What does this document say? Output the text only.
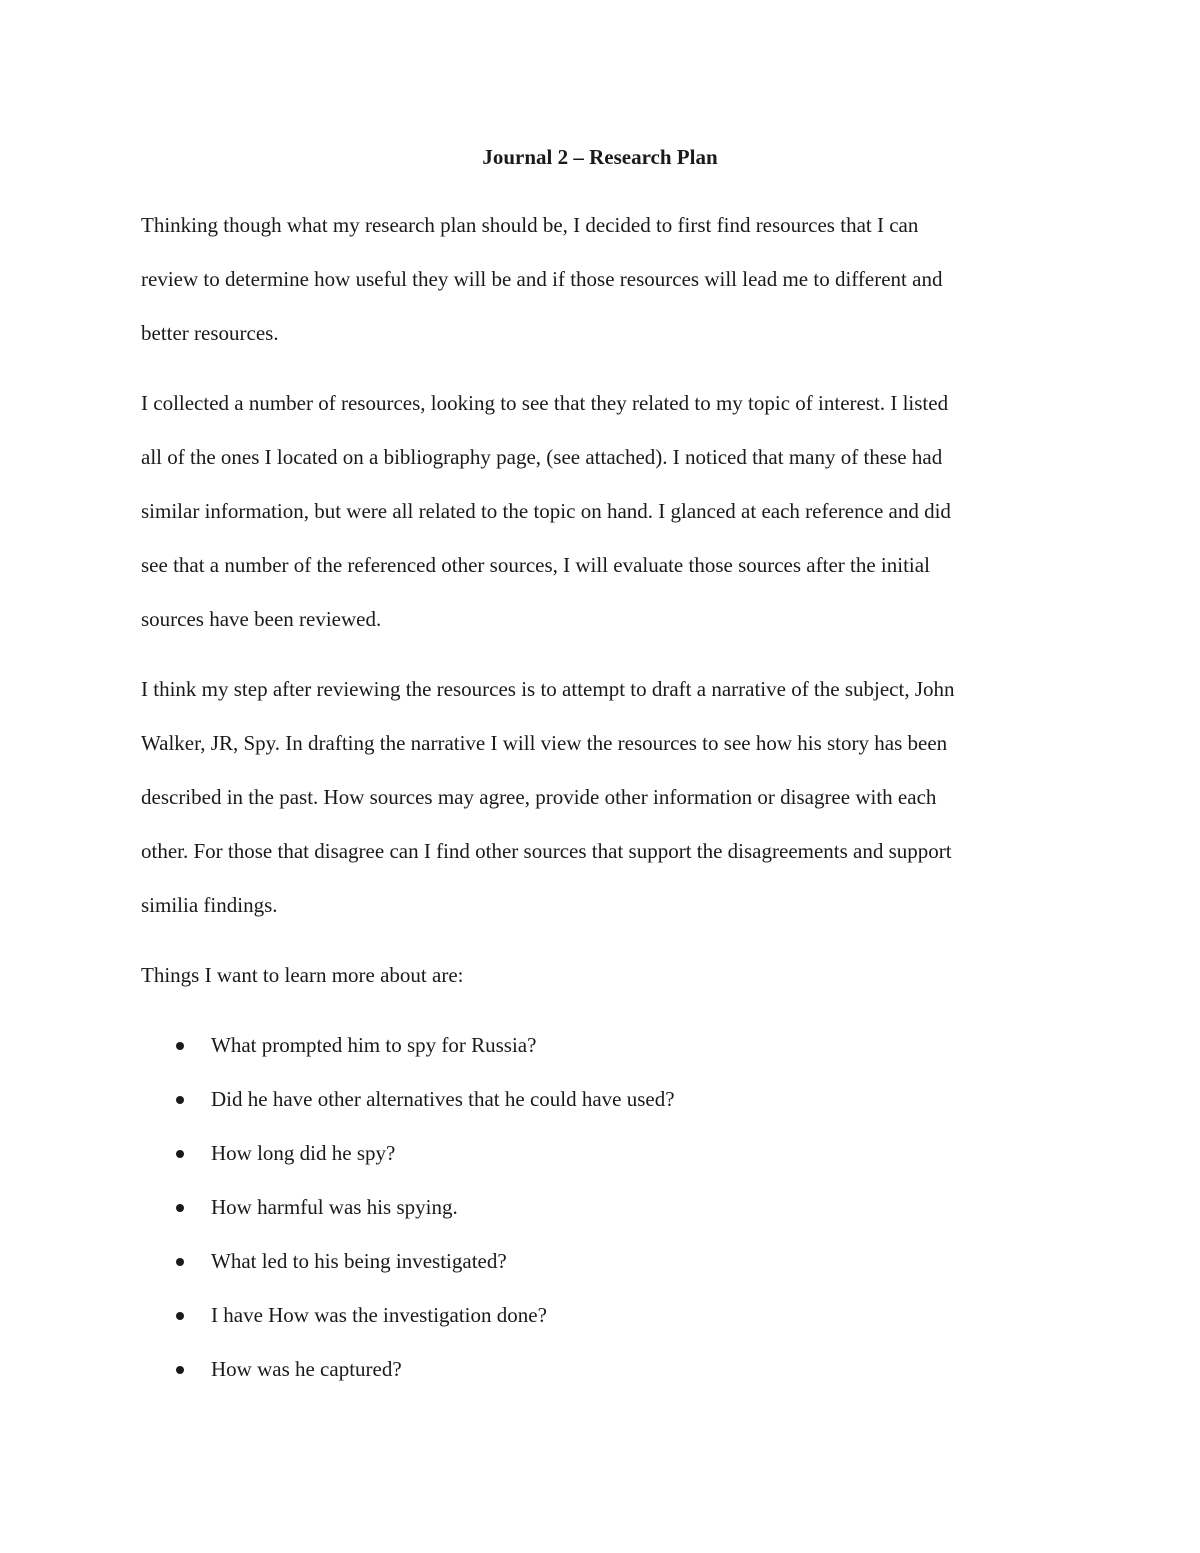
Journal 2 – Research Plan

Thinking though what my research plan should be, I decided to first find resources that I can
review to determine how useful they will be and if those resources will lead me to different and
better resources.

I collected a number of resources, looking to see that they related to my topic of interest. I listed
all of the ones I located on a bibliography page, (see attached). I noticed that many of these had
similar information, but were all related to the topic on hand. I glanced at each reference and did
see that a number of the referenced other sources, I will evaluate those sources after the initial
sources have been reviewed.

I think my step after reviewing the resources is to attempt to draft a narrative of the subject, John
Walker, JR, Spy. In drafting the narrative I will view the resources to see how his story has been
described in the past. How sources may agree, provide other information or disagree with each
other. For those that disagree can I find other sources that support the disagreements and support
similia findings.

Things I want to learn more about are:

What prompted him to spy for Russia?
Did he have other alternatives that he could have used?
How long did he spy?
How harmful was his spying.
What led to his being investigated?
I have How was the investigation done?
How was he captured?
